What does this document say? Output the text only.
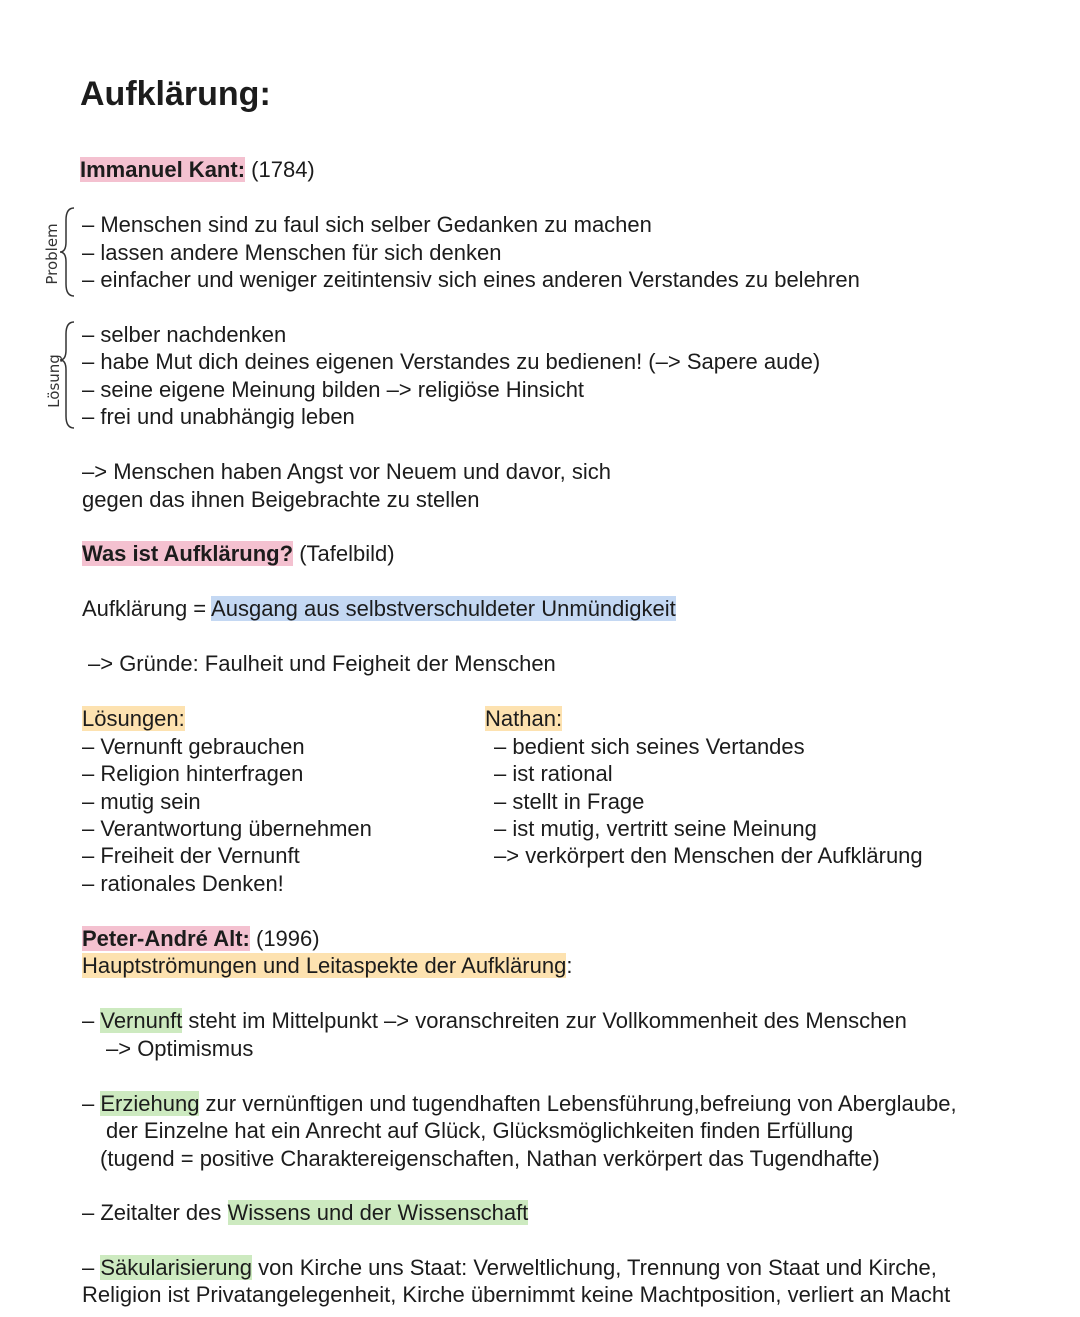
Aufklärung:
Immanuel Kant: (1784)
Problem – Menschen sind zu faul sich selber Gedanken zu machen
– lassen andere Menschen für sich denken
– einfacher und weniger zeitintensiv sich eines anderen Verstandes zu belehren
Lösung
– selber nachdenken
– habe Mut dich deines eigenen Verstandes zu bedienen! (–> Sapere aude)
– seine eigene Meinung bilden –> religiöse Hinsicht
– frei und unabhängig leben
–> Menschen haben Angst vor Neuem und davor, sich
gegen das ihnen Beigebrachte zu stellen
Was ist Aufklärung? (Tafelbild)
Aufklärung = Ausgang aus selbstverschuldeter Unmündigkeit
–> Gründe: Faulheit und Feigheit der Menschen
Lösungen:
– Vernunft gebrauchen
– Religion hinterfragen
– mutig sein
– Verantwortung übernehmen
– Freiheit der Vernunft
– rationales Denken!
Nathan:
– bedient sich seines Vertandes
– ist rational
– stellt in Frage
– ist mutig, vertritt seine Meinung
–> verkörpert den Menschen der Aufklärung
Peter-André Alt: (1996)
Hauptströmungen und Leitaspekte der Aufklärung:
– Vernunft steht im Mittelpunkt –> voranschreiten zur Vollkommenheit des Menschen
–> Optimismus
– Erziehung zur vernünftigen und tugendhaften Lebensführung,befreiung von Aberglaube,
der Einzelne hat ein Anrecht auf Glück, Glücksmöglichkeiten finden Erfüllung
(tugend = positive Charaktereigenschaften, Nathan verkörpert das Tugendhafte)
– Zeitalter des Wissens und der Wissenschaft
– Säkularisierung von Kirche uns Staat: Verweltlichung, Trennung von Staat und Kirche,
Religion ist Privatangelegenheit, Kirche übernimmt keine Machtposition, verliert an Macht
